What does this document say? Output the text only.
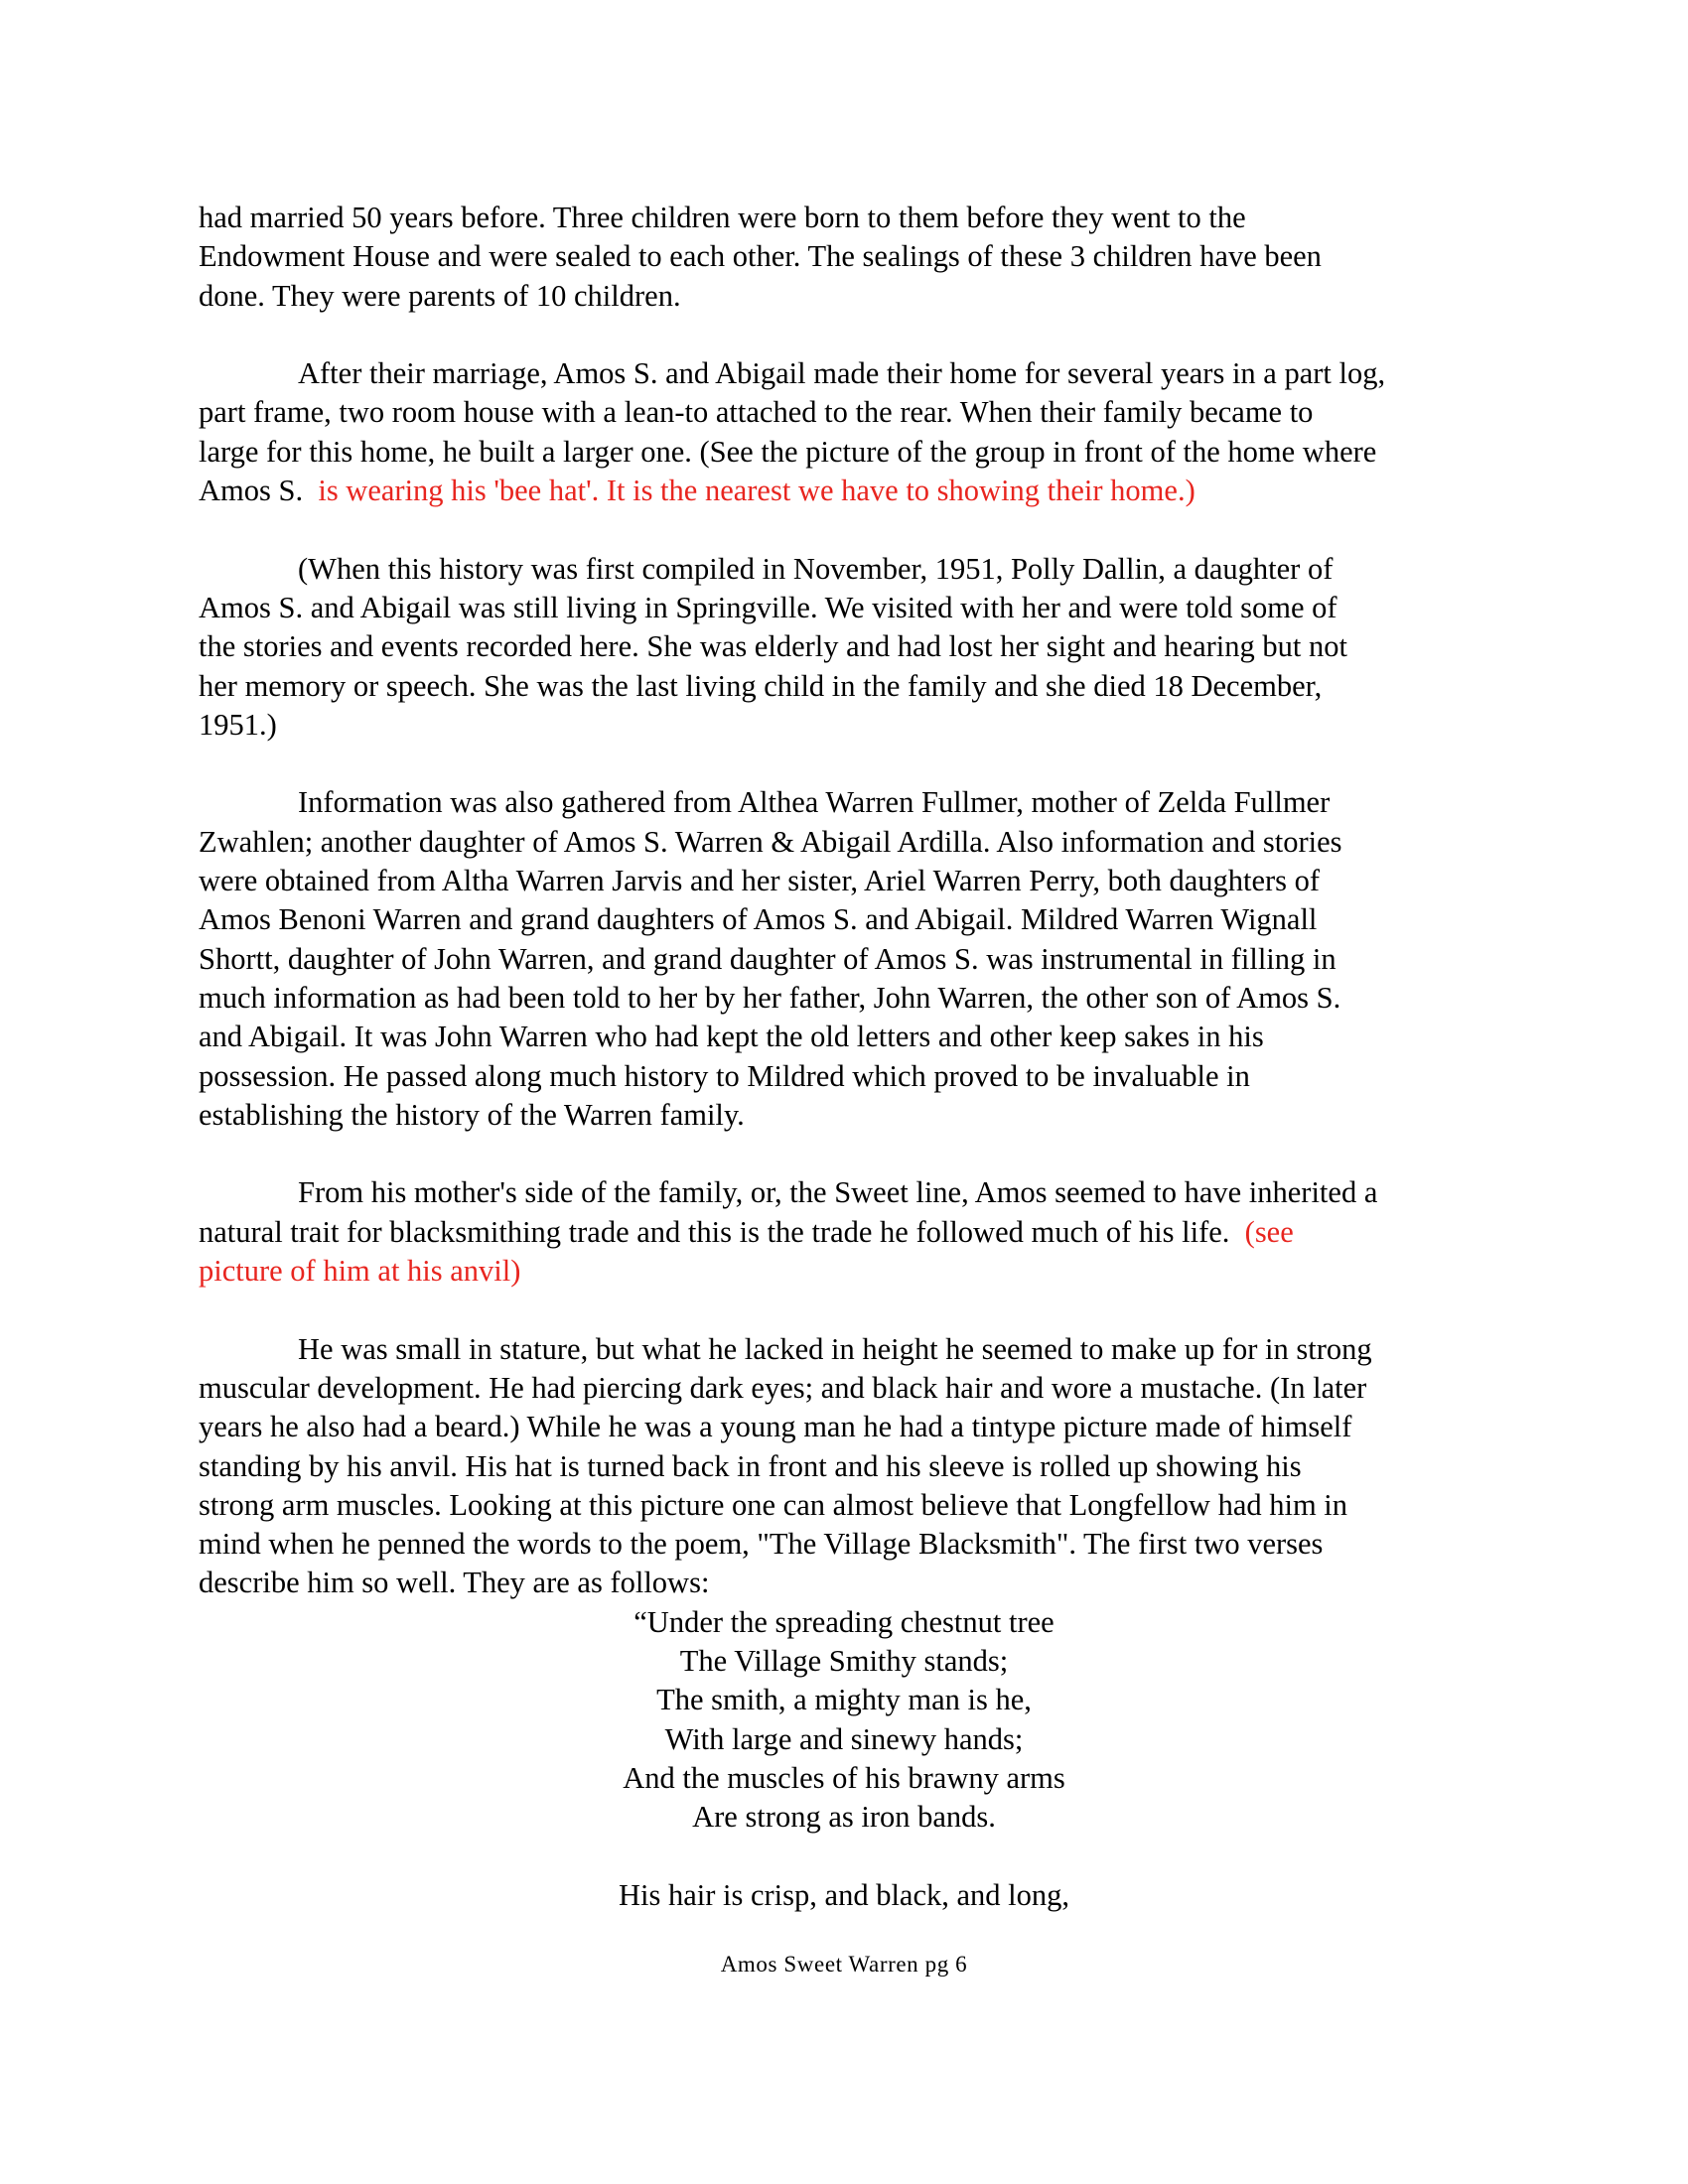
had married 50 years before. Three children were born to them before they went to the
Endowment House and were sealed to each other. The sealings of these 3 children have been
done. They were parents of 10 children.
After their marriage, Amos S. and Abigail made their home for several years in a part log,
part frame, two room house with a lean-to attached to the rear. When their family became to
large for this home, he built a larger one. (See the picture of the group in front of the home where
Amos S.  is wearing his 'bee hat'. It is the nearest we have to showing their home.)
(When this history was first compiled in November, 1951, Polly Dallin, a daughter of
Amos S. and Abigail was still living in Springville. We visited with her and were told some of
the stories and events recorded here. She was elderly and had lost her sight and hearing but not
her memory or speech. She was the last living child in the family and she died 18 December,
1951.)
Information was also gathered from Althea Warren Fullmer, mother of Zelda Fullmer
Zwahlen; another daughter of Amos S. Warren & Abigail Ardilla. Also information and stories
were obtained from Altha Warren Jarvis and her sister, Ariel Warren Perry, both daughters of
Amos Benoni Warren and grand daughters of Amos S. and Abigail. Mildred Warren Wignall
Shortt, daughter of John Warren, and grand daughter of Amos S. was instrumental in filling in
much information as had been told to her by her father, John Warren, the other son of Amos S.
and Abigail. It was John Warren who had kept the old letters and other keep sakes in his
possession. He passed along much history to Mildred which proved to be invaluable in
establishing the history of the Warren family.
From his mother's side of the family, or, the Sweet line, Amos seemed to have inherited a
natural trait for blacksmithing trade and this is the trade he followed much of his life.  (see
picture of him at his anvil)
He was small in stature, but what he lacked in height he seemed to make up for in strong
muscular development. He had piercing dark eyes; and black hair and wore a mustache. (In later
years he also had a beard.) While he was a young man he had a tintype picture made of himself
standing by his anvil. His hat is turned back in front and his sleeve is rolled up showing his
strong arm muscles. Looking at this picture one can almost believe that Longfellow had him in
mind when he penned the words to the poem, "The Village Blacksmith". The first two verses
describe him so well. They are as follows:
“Under the spreading chestnut tree
The Village Smithy stands;
The smith, a mighty man is he,
With large and sinewy hands;
And the muscles of his brawny arms
Are strong as iron bands.
His hair is crisp, and black, and long,
Amos Sweet Warren pg 6
